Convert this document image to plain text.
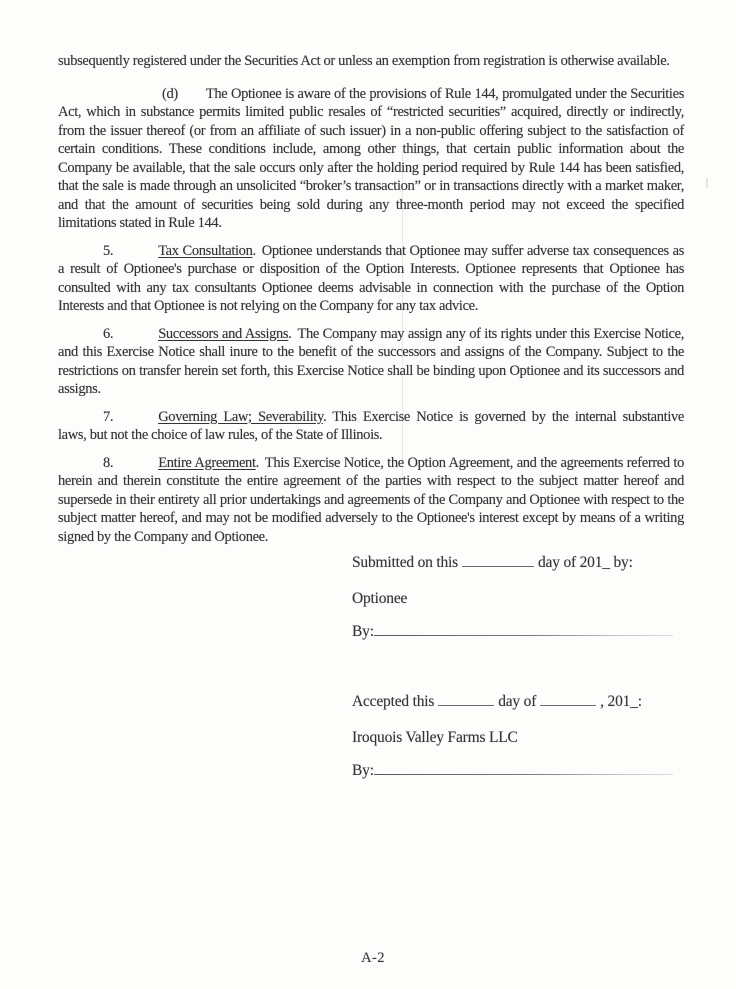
subsequently registered under the Securities Act or unless an exemption from registration is otherwise available.

(d) The Optionee is aware of the provisions of Rule 144, promulgated under the Securities Act, which in substance permits limited public resales of “restricted securities” acquired, directly or indirectly, from the issuer thereof (or from an affiliate of such issuer) in a non-public offering subject to the satisfaction of certain conditions. These conditions include, among other things, that certain public information about the Company be available, that the sale occurs only after the holding period required by Rule 144 has been satisfied, that the sale is made through an unsolicited “broker’s transaction” or in transactions directly with a market maker, and that the amount of securities being sold during any three-month period may not exceed the specified limitations stated in Rule 144.

5.	Tax Consultation. Optionee understands that Optionee may suffer adverse tax consequences as a result of Optionee's purchase or disposition of the Option Interests. Optionee represents that Optionee has consulted with any tax consultants Optionee deems advisable in connection with the purchase of the Option Interests and that Optionee is not relying on the Company for any tax advice.

6.	Successors and Assigns. The Company may assign any of its rights under this Exercise Notice, and this Exercise Notice shall inure to the benefit of the successors and assigns of the Company. Subject to the restrictions on transfer herein set forth, this Exercise Notice shall be binding upon Optionee and its successors and assigns.

7.	Governing Law; Severability. This Exercise Notice is governed by the internal substantive laws, but not the choice of law rules, of the State of Illinois.

8.	Entire Agreement. This Exercise Notice, the Option Agreement, and the agreements referred to herein and therein constitute the entire agreement of the parties with respect to the subject matter hereof and supersede in their entirety all prior undertakings and agreements of the Company and Optionee with respect to the subject matter hereof, and may not be modified adversely to the Optionee's interest except by means of a writing signed by the Company and Optionee.

Submitted on this	day of 201_ by:

Optionee

By:

Accepted this	day of	, 201_:

Iroquois Valley Farms LLC

By:

A-2
